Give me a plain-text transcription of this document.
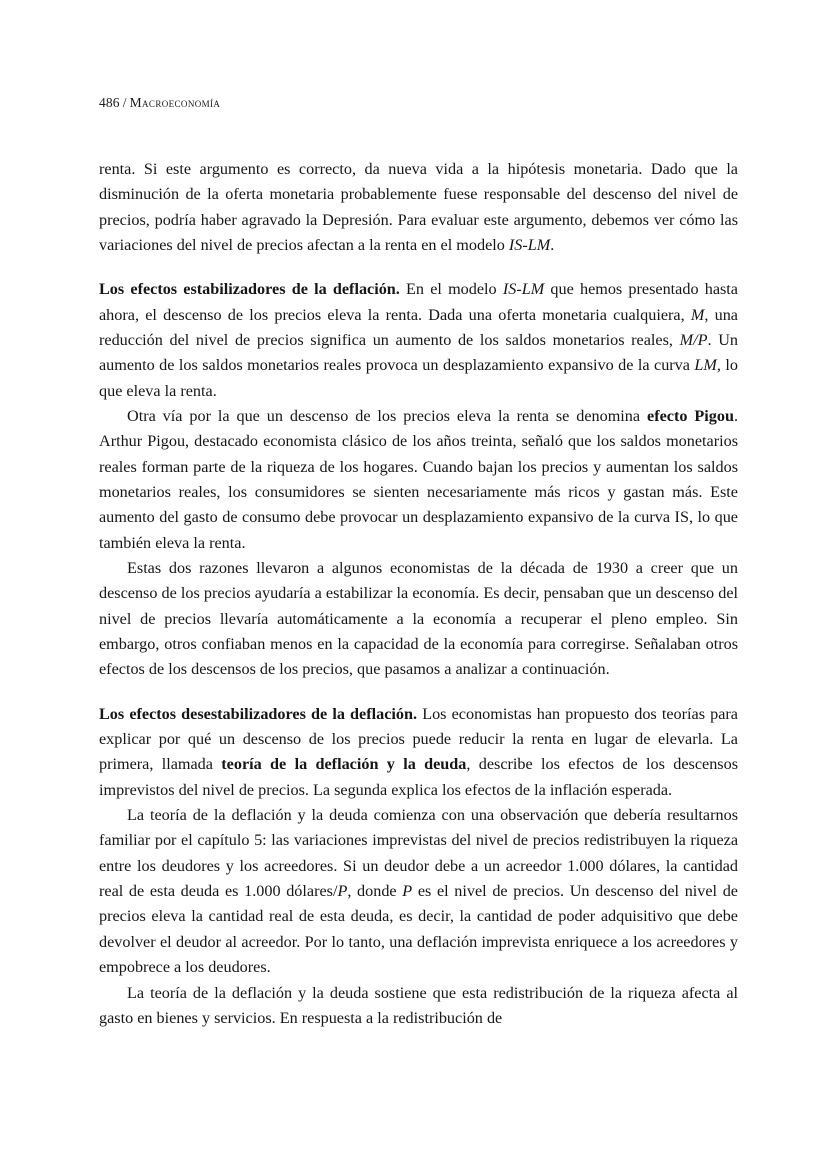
486 / Macroeconomía

renta. Si este argumento es correcto, da nueva vida a la hipótesis monetaria. Dado que la disminución de la oferta monetaria probablemente fuese responsable del descenso del nivel de precios, podría haber agravado la Depresión. Para evaluar este argumento, debemos ver cómo las variaciones del nivel de precios afectan a la renta en el modelo IS-LM.

Los efectos estabilizadores de la deflación. En el modelo IS-LM que hemos presentado hasta ahora, el descenso de los precios eleva la renta. Dada una oferta monetaria cualquiera, M, una reducción del nivel de precios significa un aumento de los saldos monetarios reales, M/P. Un aumento de los saldos monetarios reales provoca un desplazamiento expansivo de la curva LM, lo que eleva la renta.

Otra vía por la que un descenso de los precios eleva la renta se denomina efecto Pigou. Arthur Pigou, destacado economista clásico de los años treinta, señaló que los saldos monetarios reales forman parte de la riqueza de los hogares. Cuando bajan los precios y aumentan los saldos monetarios reales, los consumidores se sienten necesariamente más ricos y gastan más. Este aumento del gasto de consumo debe provocar un desplazamiento expansivo de la curva IS, lo que también eleva la renta.

Estas dos razones llevaron a algunos economistas de la década de 1930 a creer que un descenso de los precios ayudaría a estabilizar la economía. Es decir, pensaban que un descenso del nivel de precios llevaría automáticamente a la economía a recuperar el pleno empleo. Sin embargo, otros confiaban menos en la capacidad de la economía para corregirse. Señalaban otros efectos de los descensos de los precios, que pasamos a analizar a continuación.

Los efectos desestabilizadores de la deflación. Los economistas han propuesto dos teorías para explicar por qué un descenso de los precios puede reducir la renta en lugar de elevarla. La primera, llamada teoría de la deflación y la deuda, describe los efectos de los descensos imprevistos del nivel de precios. La segunda explica los efectos de la inflación esperada.

La teoría de la deflación y la deuda comienza con una observación que debería resultarnos familiar por el capítulo 5: las variaciones imprevistas del nivel de precios redistribuyen la riqueza entre los deudores y los acreedores. Si un deudor debe a un acreedor 1.000 dólares, la cantidad real de esta deuda es 1.000 dólares/P, donde P es el nivel de precios. Un descenso del nivel de precios eleva la cantidad real de esta deuda, es decir, la cantidad de poder adquisitivo que debe devolver el deudor al acreedor. Por lo tanto, una deflación imprevista enriquece a los acreedores y empobrece a los deudores.

La teoría de la deflación y la deuda sostiene que esta redistribución de la riqueza afecta al gasto en bienes y servicios. En respuesta a la redistribución de
